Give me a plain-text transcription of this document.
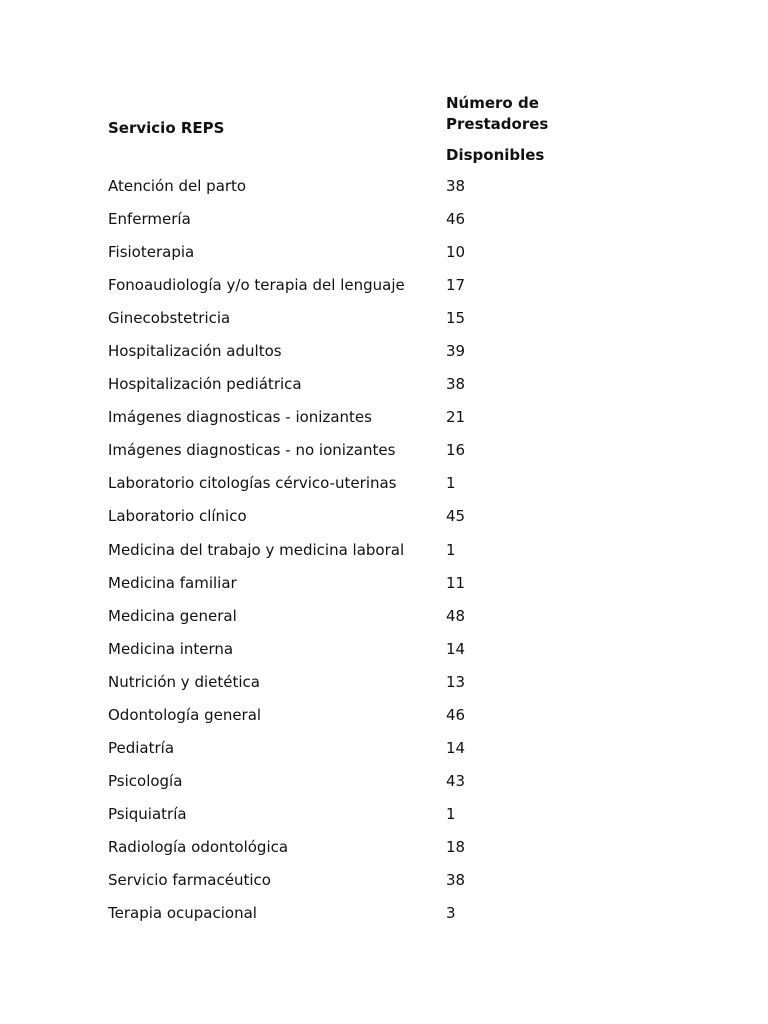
Servicio REPS
Número de
Prestadores
Disponibles
Atención del parto	38
Enfermería	46
Fisioterapia	10
Fonoaudiología y/o terapia del lenguaje	17
Ginecobstetricia	15
Hospitalización adultos	39
Hospitalización pediátrica	38
Imágenes diagnosticas - ionizantes	21
Imágenes diagnosticas - no ionizantes	16
Laboratorio citologías cérvico-uterinas	1
Laboratorio clínico	45
Medicina del trabajo y medicina laboral	1
Medicina familiar	11
Medicina general	48
Medicina interna	14
Nutrición y dietética	13
Odontología general	46
Pediatría	14
Psicología	43
Psiquiatría	1
Radiología odontológica	18
Servicio farmacéutico	38
Terapia ocupacional	3
